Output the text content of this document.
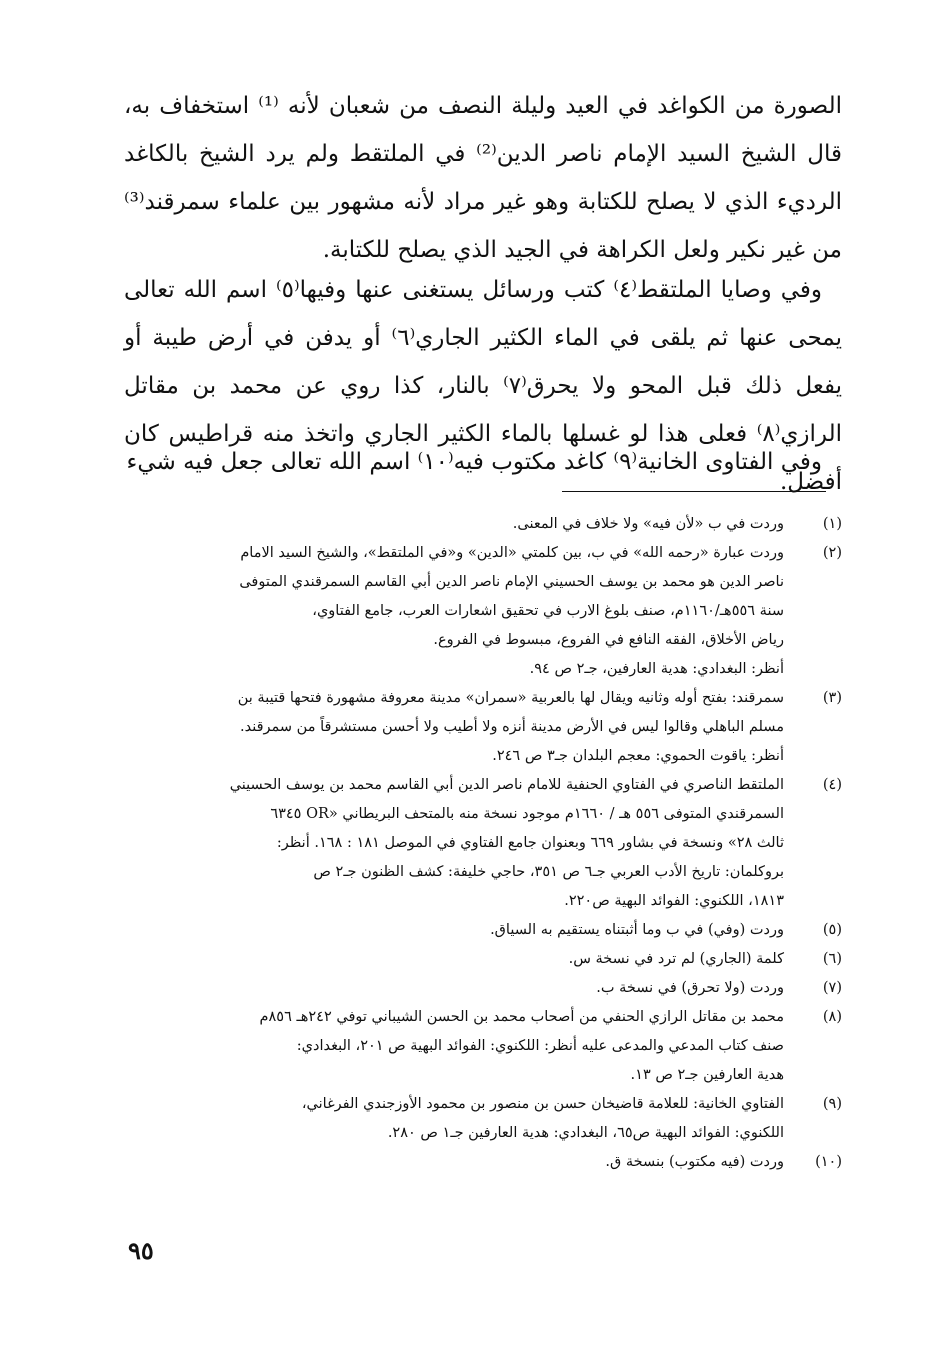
الصورة من الكواغد في العيد وليلة النصف من شعبان لأنه ⁽¹⁾ استخفاف به، قال الشيخ السيد الإمام ناصر الدين⁽²⁾ في الملتقط ولم يرد الشيخ بالكاغد الرديء الذي لا يصلح للكتابة وهو غير مراد لأنه مشهور بين علماء سمرقند⁽³⁾ من غير نكير ولعل الكراهة في الجيد الذي يصلح للكتابة.

وفي وصايا الملتقط⁽٤⁾ كتب ورسائل يستغنى عنها وفيها⁽٥⁾ اسم الله تعالى يمحى عنها ثم يلقى في الماء الكثير الجاري⁽٦⁾ أو يدفن في أرض طيبة أو يفعل ذلك قبل المحو ولا يحرق⁽٧⁾ بالنار، كذا روي عن محمد بن مقاتل الرازي⁽٨⁾ فعلى هذا لو غسلها بالماء الكثير الجاري واتخذ منه قراطيس كان أفضل.

وفي الفتاوى الخانية⁽٩⁾ كاغد مكتوب فيه⁽١٠⁾ اسم الله تعالى جعل فيه شيء

(١)
وردت في ب «لأن فيه» ولا خلاف في المعنى.
(٢)
وردت عبارة «رحمه الله» في ب، بين كلمتي «الدين» و«في الملتقط»، والشيخ السيد الامام
ناصر الدين هو محمد بن يوسف الحسيني الإمام ناصر الدين أبي القاسم السمرقندي المتوفى
سنة ٥٥٦هـ/١١٦٠م، صنف بلوغ الارب في تحقيق اشعارات العرب، جامع الفتاوي،
رياض الأخلاق، الفقه النافع في الفروع، مبسوط في الفروع.
أنظر: البغدادي: هدية العارفين، جـ٢ ص ٩٤.
(٣)
سمرقند: بفتح أوله وثانيه ويقال لها بالعربية «سمران» مدينة معروفة مشهورة فتحها قتيبة بن
مسلم الباهلي وقالوا ليس في الأرض مدينة أنزه ولا أطيب ولا أحسن مستشرقاً من سمرقند.
أنظر: ياقوت الحموي: معجم البلدان جـ٣ ص ٢٤٦.
(٤)
الملتقط الناصري في الفتاوي الحنفية للامام ناصر الدين أبي القاسم محمد بن يوسف الحسيني
السمرقندي المتوفى ٥٥٦ هـ / ١٦٦٠م موجود نسخة منه بالمتحف البريطاني «OR ٦٣٤٥
ثالث ٢٨» ونسخة في بشاور ٦٦٩ وبعنوان جامع الفتاوي في الموصل ١٨١ : ١٦٨. أنظر:
بروكلمان: تاريخ الأدب العربي جـ٦ ص ٣٥١، حاجي خليفة: كشف الظنون جـ٢ ص
١٨١٣، اللكنوي: الفوائد البهية ص٢٢٠.
(٥)
وردت (وفي) في ب وما أثبتناه يستقيم به السياق.
(٦)
كلمة (الجاري) لم ترد في نسخة س.
(٧)
وردت (ولا تحرق) في نسخة ب.
(٨)
محمد بن مقاتل الرازي الحنفي من أصحاب محمد بن الحسن الشيباني توفي ٢٤٢هـ ٨٥٦م
صنف كتاب المدعي والمدعى عليه أنظر: اللكنوي: الفوائد البهية ص ٢٠١، البغدادي:
هدية العارفين جـ٢ ص ١٣.
(٩)
الفتاوي الخانية: للعلامة قاضيخان حسن بن منصور بن محمود الأوزجندي الفرغاني،
اللكنوي: الفوائد البهية ص٦٥، البغدادي: هدية العارفين جـ١ ص ٢٨٠.
(١٠)
وردت (فيه مكتوب) بنسخة ق.
٩٥
